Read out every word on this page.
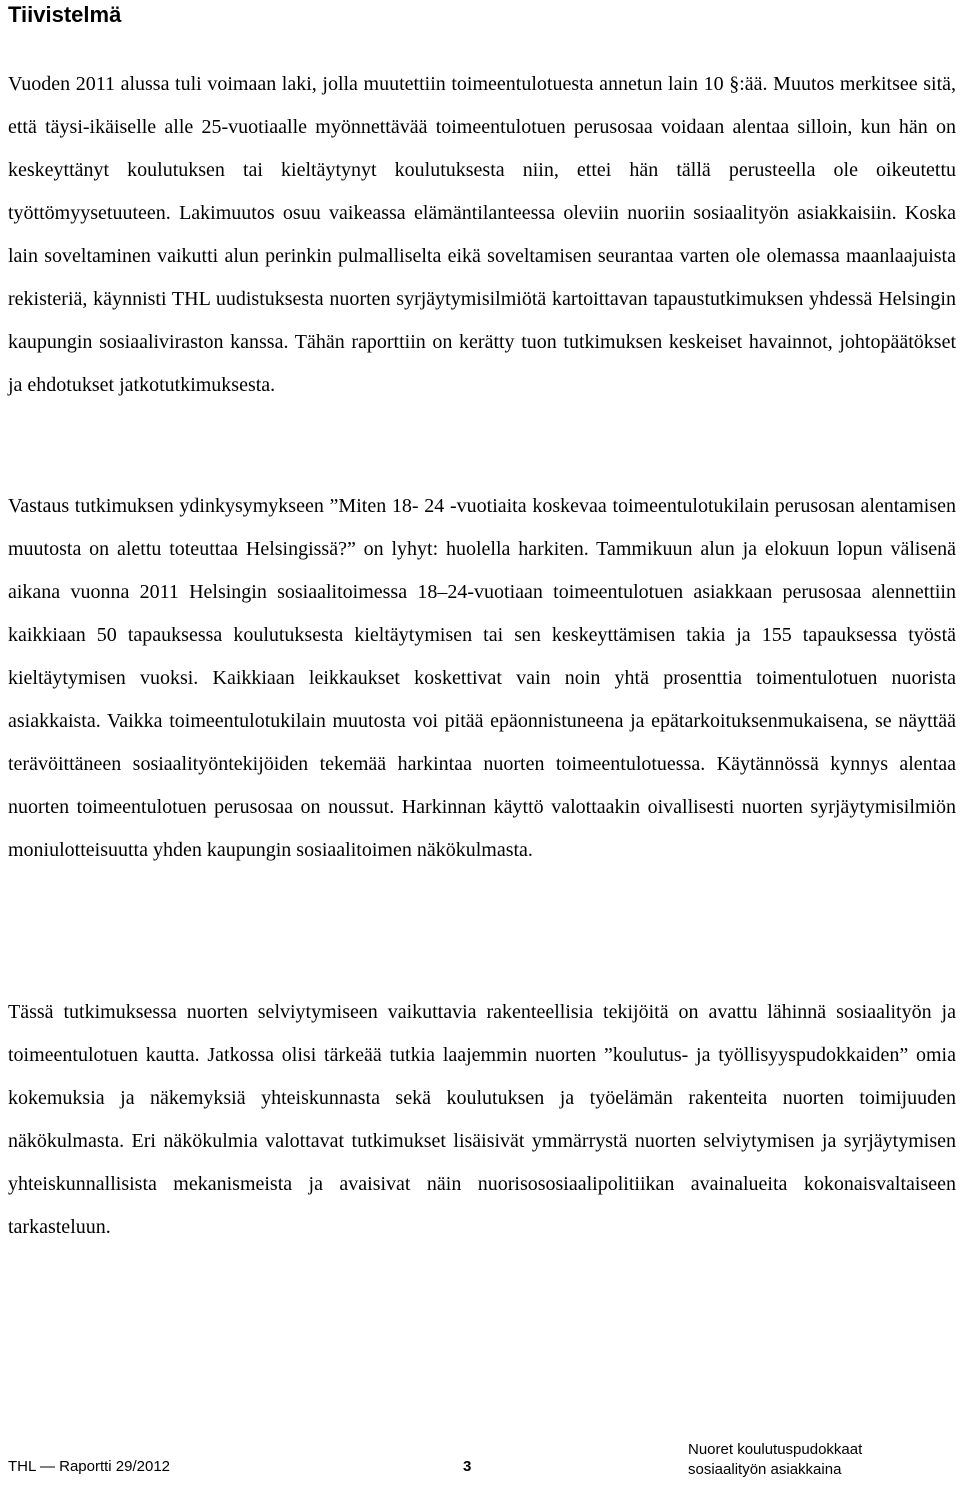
Tiivistelmä

Vuoden 2011 alussa tuli voimaan laki, jolla muutettiin toimeentulotuesta annetun lain 10 §:ää. Muutos merkitsee sitä, että täysi-ikäiselle alle 25-vuotiaalle myönnettävää toimeentulotuen perusosaa voidaan alentaa silloin, kun hän on keskeyttänyt koulutuksen tai kieltäytynyt koulutuksesta niin, ettei hän tällä perusteella ole oikeutettu työttömyysetuuteen. Lakimuutos osuu vaikeassa elämäntilanteessa oleviin nuoriin sosiaalityön asiakkaisiin. Koska lain soveltaminen vaikutti alun perinkin pulmalliselta eikä soveltamisen seurantaa varten ole olemassa maanlaajuista rekisteriä, käynnisti THL uudistuksesta nuorten syrjäytymisilmiötä kartoittavan tapaustutkimuksen yhdessä Helsingin kaupungin sosiaaliviraston kanssa. Tähän raporttiin on kerätty tuon tutkimuksen keskeiset havainnot, johtopäätökset ja ehdotukset jatkotutkimuksesta.

Vastaus tutkimuksen ydinkysymykseen ”Miten 18- 24 -vuotiaita koskevaa toimeentulotukilain perusosan alentamisen muutosta on alettu toteuttaa Helsingissä?” on lyhyt: huolella harkiten. Tammikuun alun ja elokuun lopun välisenä aikana vuonna 2011 Helsingin sosiaalitoimessa 18–24-vuotiaan toimeentulotuen asiakkaan perusosaa alennettiin kaikkiaan 50 tapauksessa koulutuksesta kieltäytymisen tai sen keskeyttämisen takia ja 155 tapauksessa työstä kieltäytymisen vuoksi. Kaikkiaan leikkaukset koskettivat vain noin yhtä prosenttia toimentulotuen nuorista asiakkaista. Vaikka toimeentulotukilain muutosta voi pitää epäonnistuneena ja epätarkoituksenmukaisena, se näyttää terävöittäneen sosiaalityöntekijöiden tekemää harkintaa nuorten toimeentulotuessa. Käytännössä kynnys alentaa nuorten toimeentulotuen perusosaa on noussut. Harkinnan käyttö valottaakin oivallisesti nuorten syrjäytymisilmiön moniulotteisuutta yhden kaupungin sosiaalitoimen näkökulmasta.

Tässä tutkimuksessa nuorten selviytymiseen vaikuttavia rakenteellisia tekijöitä on avattu lähinnä sosiaalityön ja toimeentulotuen kautta. Jatkossa olisi tärkeää tutkia laajemmin nuorten ”koulutus- ja työllisyyspudokkaiden” omia kokemuksia ja näkemyksiä yhteiskunnasta sekä koulutuksen ja työelämän rakenteita nuorten toimijuuden näkökulmasta. Eri näkökulmia valottavat tutkimukset lisäisivät ymmärrystä nuorten selviytymisen ja syrjäytymisen yhteiskunnallisista mekanismeista ja avaisivat näin nuorisososiaalipolitiikan avainalueita kokonaisvaltaiseen tarkasteluun.

THL — Raportti 29/2012	3
Nuoret koulutuspudokkaat
sosiaalityön asiakkaina
